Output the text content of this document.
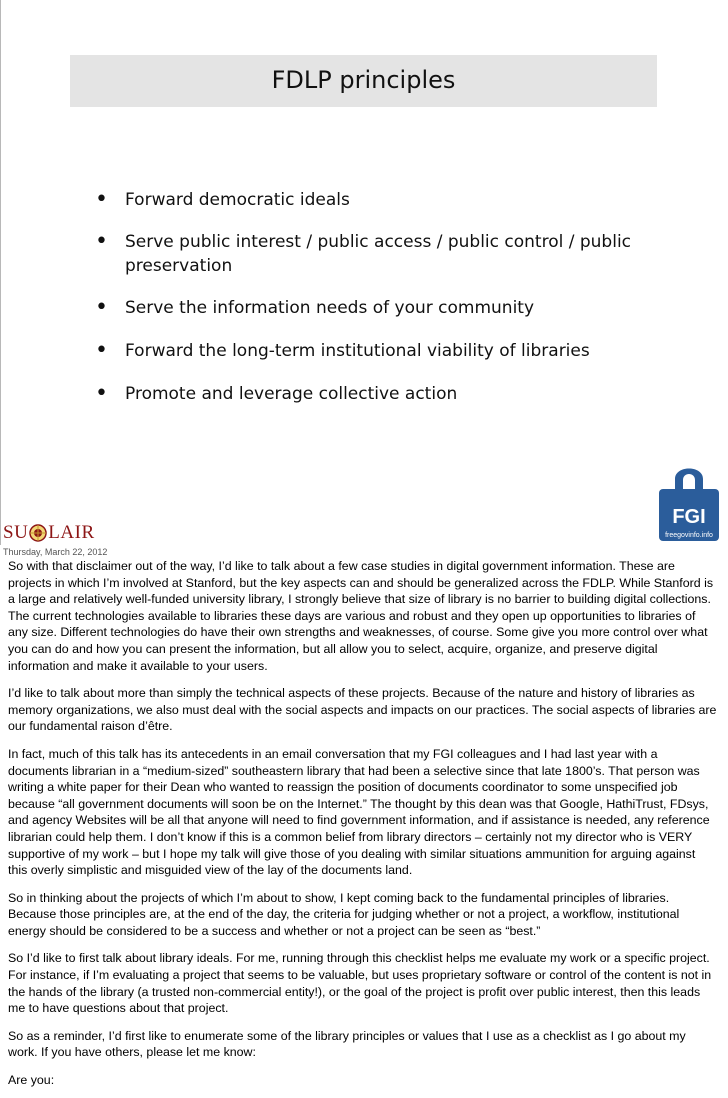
FDLP principles
• Forward democratic ideals
• Serve public interest / public access / public control / public preservation
• Serve the information needs of your community
• Forward the long-term institutional viability of libraries
• Promote and leverage collective action
SU LAIR
FGI
freegovinfo.info
Thursday, March 22, 2012

So with that disclaimer out of the way, I’d like to talk about a few case studies in digital government information. These are projects in which I’m involved at Stanford, but the key aspects can and should be generalized across the FDLP. While Stanford is a large and relatively well-funded university library, I strongly believe that size of library is no barrier to building digital collections. The current technologies available to libraries these days are various and robust and they open up opportunities to libraries of any size. Different technologies do have their own strengths and weaknesses, of course. Some give you more control over what you can do and how you can present the information, but all allow you to select, acquire, organize, and preserve digital information and make it available to your users.

I’d like to talk about more than simply the technical aspects of these projects. Because of the nature and history of libraries as memory organizations, we also must deal with the social aspects and impacts on our practices. The social aspects of libraries are our fundamental raison d’être.

In fact, much of this talk has its antecedents in an email conversation that my FGI colleagues and I had last year with a documents librarian in a “medium-sized” southeastern library that had been a selective since that late 1800’s. That person was writing a white paper for their Dean who wanted to reassign the position of documents coordinator to some unspecified job because “all government documents will soon be on the Internet.” The thought by this dean was that Google, HathiTrust, FDsys, and agency Websites will be all that anyone will need to find government information, and if assistance is needed, any reference librarian could help them. I don’t know if this is a common belief from library directors – certainly not my director who is VERY supportive of my work – but I hope my talk will give those of you dealing with similar situations ammunition for arguing against this overly simplistic and misguided view of the lay of the documents land.

So in thinking about the projects of which I’m about to show, I kept coming back to the fundamental principles of libraries. Because those principles are, at the end of the day, the criteria for judging whether or not a project, a workflow, institutional energy should be considered to be a success and whether or not a project can be seen as “best.”

So I’d like to first talk about library ideals. For me, running through this checklist helps me evaluate my work or a specific project. For instance, if I’m evaluating a project that seems to be valuable, but uses proprietary software or control of the content is not in the hands of the library (a trusted non-commercial entity!), or the goal of the project is profit over public interest, then this leads me to have questions about that project.

So as a reminder, I’d first like to enumerate some of the library principles or values that I use as a checklist as I go about my work. If you have others, please let me know:

Are you:
